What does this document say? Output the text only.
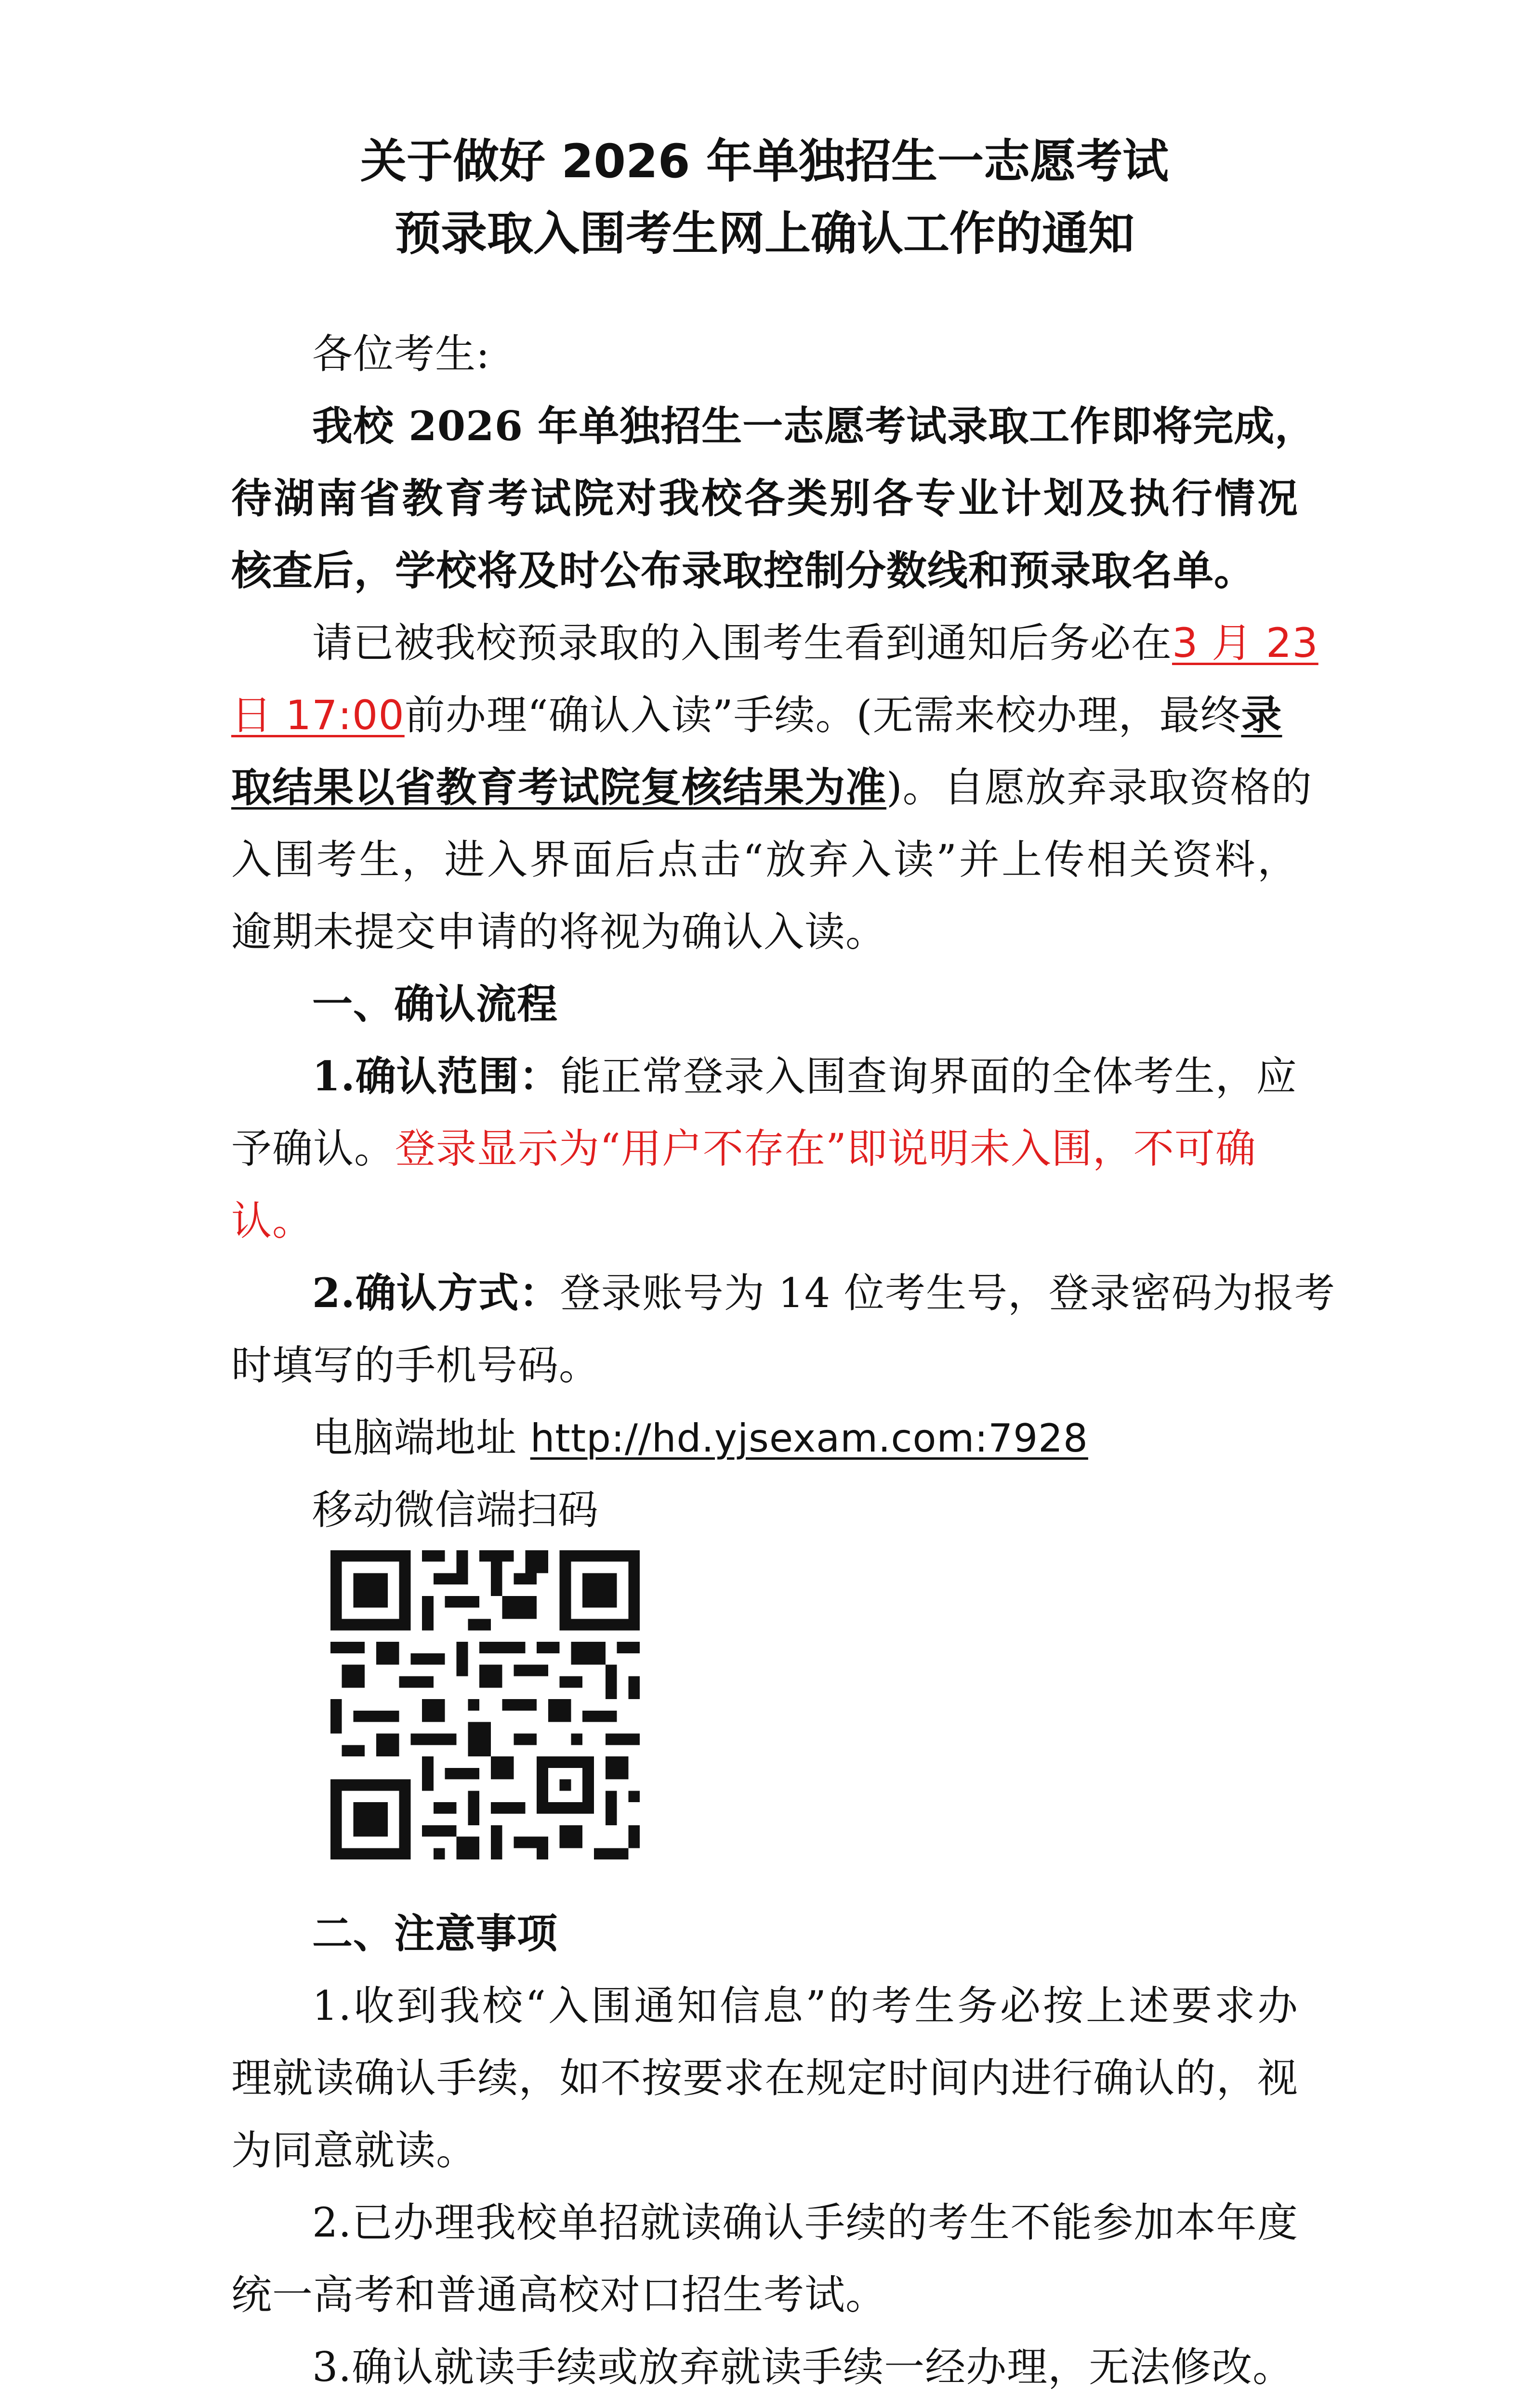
关于做好 2026 年单独招生一志愿考试
预录取入围考生网上确认工作的通知
各位考生:
我校 2026 年单独招生一志愿考试录取工作即将完成，
待湖南省教育考试院对我校各类别各专业计划及执行情况
核查后，学校将及时公布录取控制分数线和预录取名单。
请已被我校预录取的入围考生看到通知后务必在3 月 23
日 17:00前办理“确认入读”手续。(无需来校办理，最终录
取结果以省教育考试院复核结果为准)。自愿放弃录取资格的
入围考生，进入界面后点击“放弃入读”并上传相关资料，
逾期未提交申请的将视为确认入读。
一、确认流程
1.确认范围：能正常登录入围查询界面的全体考生，应
予确认。登录显示为“用户不存在”即说明未入围，不可确
认。
2.确认方式：登录账号为 14 位考生号，登录密码为报考
时填写的手机号码。
电脑端地址 http://hd.yjsexam.com:7928
移动微信端扫码
二、注意事项
1.收到我校“入围通知信息”的考生务必按上述要求办
理就读确认手续，如不按要求在规定时间内进行确认的，视
为同意就读。
2.已办理我校单招就读确认手续的考生不能参加本年度
统一高考和普通高校对口招生考试。
3.确认就读手续或放弃就读手续一经办理，无法修改。
